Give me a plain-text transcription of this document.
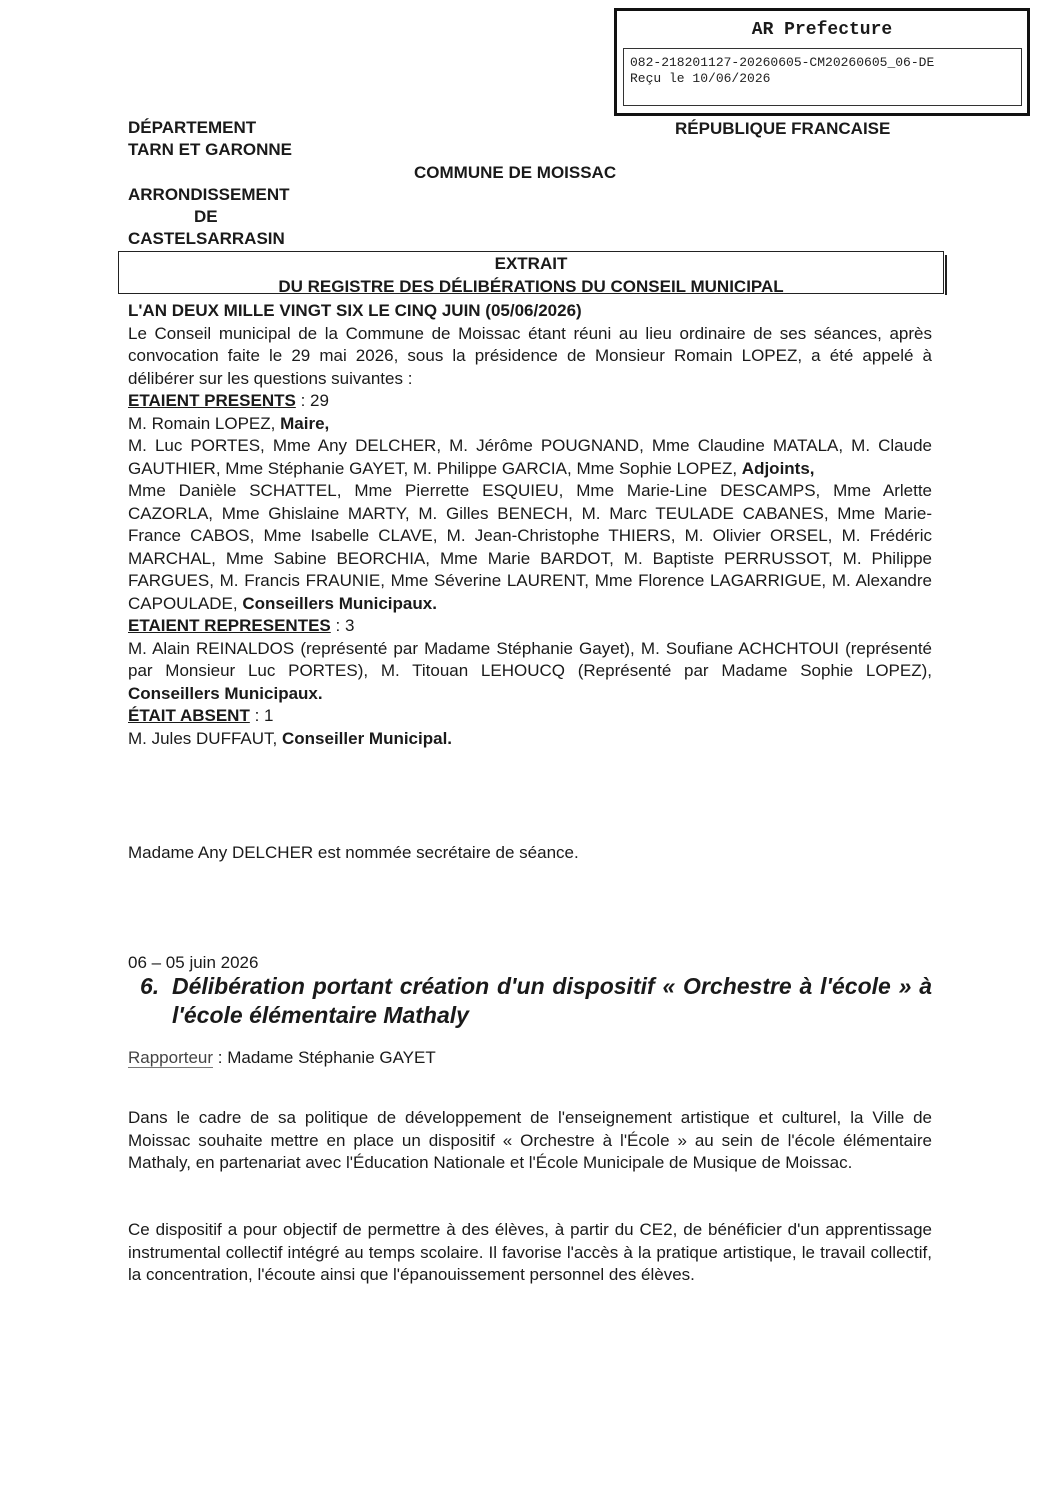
AR Prefecture
082-218201127-20260605-CM20260605_06-DE
Reçu le 10/06/2026
DÉPARTEMENT
TARN ET GARONNE
RÉPUBLIQUE FRANCAISE
COMMUNE DE MOISSAC
ARRONDISSEMENT
DE
CASTELSARRASIN
EXTRAIT
DU REGISTRE DES DÉLIBÉRATIONS DU CONSEIL MUNICIPAL

L'AN DEUX MILLE VINGT SIX LE CINQ JUIN (05/06/2026)

Le Conseil municipal de la Commune de Moissac étant réuni au lieu ordinaire de ses séances, après convocation faite le 29 mai 2026, sous la présidence de Monsieur Romain LOPEZ, a été appelé à délibérer sur les questions suivantes :

ETAIENT PRESENTS : 29

M. Romain LOPEZ, Maire,

M. Luc PORTES, Mme Any DELCHER, M. Jérôme POUGNAND, Mme Claudine MATALA, M. Claude GAUTHIER, Mme Stéphanie GAYET, M. Philippe GARCIA, Mme Sophie LOPEZ, Adjoints,

Mme Danièle SCHATTEL, Mme Pierrette ESQUIEU, Mme Marie-Line DESCAMPS, Mme Arlette CAZORLA, Mme Ghislaine MARTY, M. Gilles BENECH, M. Marc TEULADE CABANES, Mme Marie-France CABOS, Mme Isabelle CLAVE, M. Jean-Christophe THIERS, M. Olivier ORSEL, M. Frédéric MARCHAL, Mme Sabine BEORCHIA, Mme Marie BARDOT, M. Baptiste PERRUSSOT, M. Philippe FARGUES, M. Francis FRAUNIE, Mme Séverine LAURENT, Mme Florence LAGARRIGUE, M. Alexandre CAPOULADE, Conseillers Municipaux.

ETAIENT REPRESENTES : 3

M. Alain REINALDOS (représenté par Madame Stéphanie Gayet), M. Soufiane ACHCHTOUI (représenté par Monsieur Luc PORTES), M. Titouan LEHOUCQ (Représenté par Madame Sophie LOPEZ), Conseillers Municipaux.

ÉTAIT ABSENT : 1

M. Jules DUFFAUT, Conseiller Municipal.

Madame Any DELCHER est nommée secrétaire de séance.
06 – 05 juin 2026
6. Délibération portant création d'un dispositif « Orchestre à l'école » à l'école élémentaire Mathaly
Rapporteur : Madame Stéphanie GAYET
Dans le cadre de sa politique de développement de l'enseignement artistique et culturel, la Ville de Moissac souhaite mettre en place un dispositif « Orchestre à l'École » au sein de l'école élémentaire Mathaly, en partenariat avec l'Éducation Nationale et l'École Municipale de Musique de Moissac.
Ce dispositif a pour objectif de permettre à des élèves, à partir du CE2, de bénéficier d'un apprentissage instrumental collectif intégré au temps scolaire. Il favorise l'accès à la pratique artistique, le travail collectif, la concentration, l'écoute ainsi que l'épanouissement personnel des élèves.
